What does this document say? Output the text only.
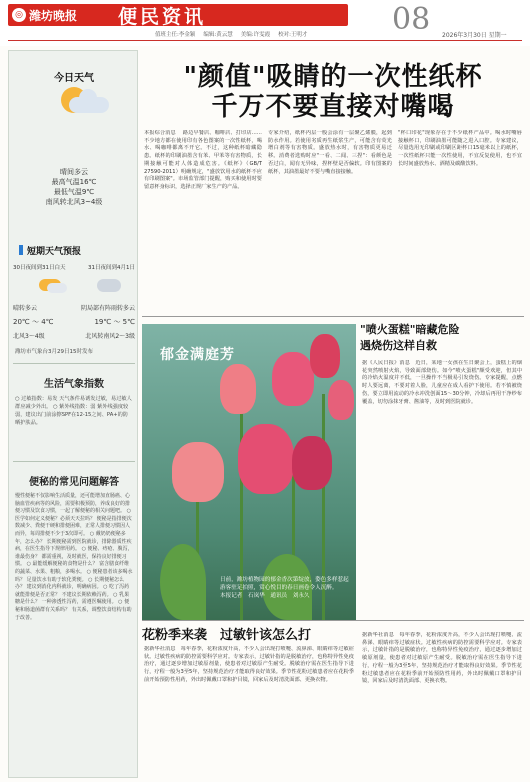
◎ 潍坊晚报 便民资讯	08
值班主任:李金颖 编辑:黄云慧 美编:许雯霞 校对:王明才	2026年3月30日 星期一
今日天气
晴间多云
最高气温16℃
最低气温9℃
南风转北风3~4级
短期天气预报
30日夜间到31日白天	31日夜间到4月1日
晴转多云	阴局部有阵雨转多云
20℃ ～ 4℃	19℃ ～ 5℃
北风3～4级	北风转南风2～3级
潍坊市气象台3月29日15时发布
生活气象指数
○ 过敏指数：易发 天气条件易诱发过敏，易过敏人群应减少外出。 ○ 紫外线指数：弱 紫外线强度较弱，建议出门前涂擦SPF在12-15之间、PA+的防晒护肤品。
便秘的常见问题解答
慢性便秘不仅影响生活质量，还可能增加直肠癌、心脑血管疾病等的风险，需要积极预防，养成良好的排便习惯及饮食习惯，一起了解便秘的相关问题吧。 ○ 医学如何定义便秘？必须天天拉吗？ 便秘是指排便次数减少、粪便干硬和排便困难，正常人排便习惯因人而异，每周排便不少于3次即可。 ○ 戴奶奶便秘多年，怎么办？ 长期便秘需到医院就诊，排除器质性疾病，在医生指导下规律用药。 ○ 便秘、痔疮、腹泻，谁最伤身？ 都需重视，及时就医，保持良好排便习惯。 ○ 最能缓解便秘的食物是什么？ 富含膳食纤维的蔬菜、水果、粗粮，多喝水。 ○ 便秘患者该多喝水吗？ 足量饮水有助于软化粪便。 ○ 长期便秘怎么办？ 建议到消化内科就诊，明确病因。 ○ 吃了泻药就能排便是否正常？ 不建议长期依赖泻药。 ○ 乳果糖是什么？ 一种渗透性泻药，需遵医嘱使用。 ○ 便秘和肠道菌群有关系吗？ 有关系，调整饮食结构有助于改善。
"颜值"吸睛的一次性纸杯
千万不要直接对嘴喝
本报综合消息 　路边早餐店、咖啡店、打印店……不少地方都在使用印有各色图案的一次性纸杯，喝水、喝咖啡都离不开它。不过，这种纸杯暗藏隐患。纸杯的印刷油墨含有苯、甲苯等有害物质，长期接触可能对人体造成危害。《纸杯》（GB/T 27590-2011）明确规定，"盛放饮用水的纸杯不应有印刷图案"。市场监管部门提醒，购买和使用时要留意杯身标识，选择正规厂家生产的产品。
专家介绍，纸杯内层一般会涂有一层聚乙烯膜，起到防水作用。若使用劣质再生纸浆生产，可能含有荧光增白剂等有害物质。盛放热水时，有害物质更易迁移。消费者选购时应"一看、二闻、三捏"：看颜色是否过白，闻有无异味，捏杯壁是否偏软。印有图案的纸杯，其油墨最好不要与嘴直接接触。
"杯口印花"现象存在于不少纸杯产品中。喝水时嘴唇接触杯口，印刷油墨可能随之进入口腔。专家建议，尽量选用无印刷或印刷区距杯口15毫米以上的纸杯，一次性纸杯只能一次性使用，不宜反复使用，也不宜长时间盛放热水、酒精及碳酸饮料。
郁金满庭芳
日前，潍坊植物园的郁金香次第绽放，姿色多样惹起游客驻足拍照，赏心悦目的春日画卷令人沉醉。　　本报记者　石岚华　通讯员　刘永久
"喷火蛋糕"暗藏危险
遇烧伤这样自救
据《人民日报》消息　近日，某地一女孩在生日聚会上，蛋糕上的烟花突然喷射火焰，导致面部烧伤。如今"喷火蛋糕"颇受欢迎，但其中的冷焰火温度并不低，一旦操作不当极易引发烧伤。专家提醒，点燃时人要远离，不要对着人脸，儿童应在成人看护下使用。若不慎被烧伤，要立即用流动的冷水冲洗创面15～30分钟，冷却后再用干净纱布覆盖，切勿涂抹牙膏、酱油等，及时到医院就诊。
花粉季来袭　过敏针该怎么打
据新华社消息　每年春季，花粉浓度升高，不少人会出现打喷嚏、流鼻涕、眼睛痒等过敏症状。过敏性疾病的防控需要科学应对。专家表示，过敏针指的是脱敏治疗，也称特异性免疫治疗，通过逐步增加过敏原剂量，使患者对过敏原产生耐受。脱敏治疗需在医生指导下进行，疗程一般为3至5年，坚持规范治疗才能取得良好效果。季节性花粉过敏患者应在花粉季前开始预防性用药，外出时佩戴口罩和护目镜，回家后及时清洗面部、更换衣物。
据新华社消息　每年春季，花粉浓度升高，不少人会出现打喷嚏、流鼻涕、眼睛痒等过敏症状。过敏性疾病的防控需要科学应对。专家表示，过敏针指的是脱敏治疗，也称特异性免疫治疗，通过逐步增加过敏原剂量，使患者对过敏原产生耐受。脱敏治疗需在医生指导下进行，疗程一般为3至5年，坚持规范治疗才能取得良好效果。季节性花粉过敏患者应在花粉季前开始预防性用药，外出时佩戴口罩和护目镜，回家后及时清洗面部、更换衣物。
